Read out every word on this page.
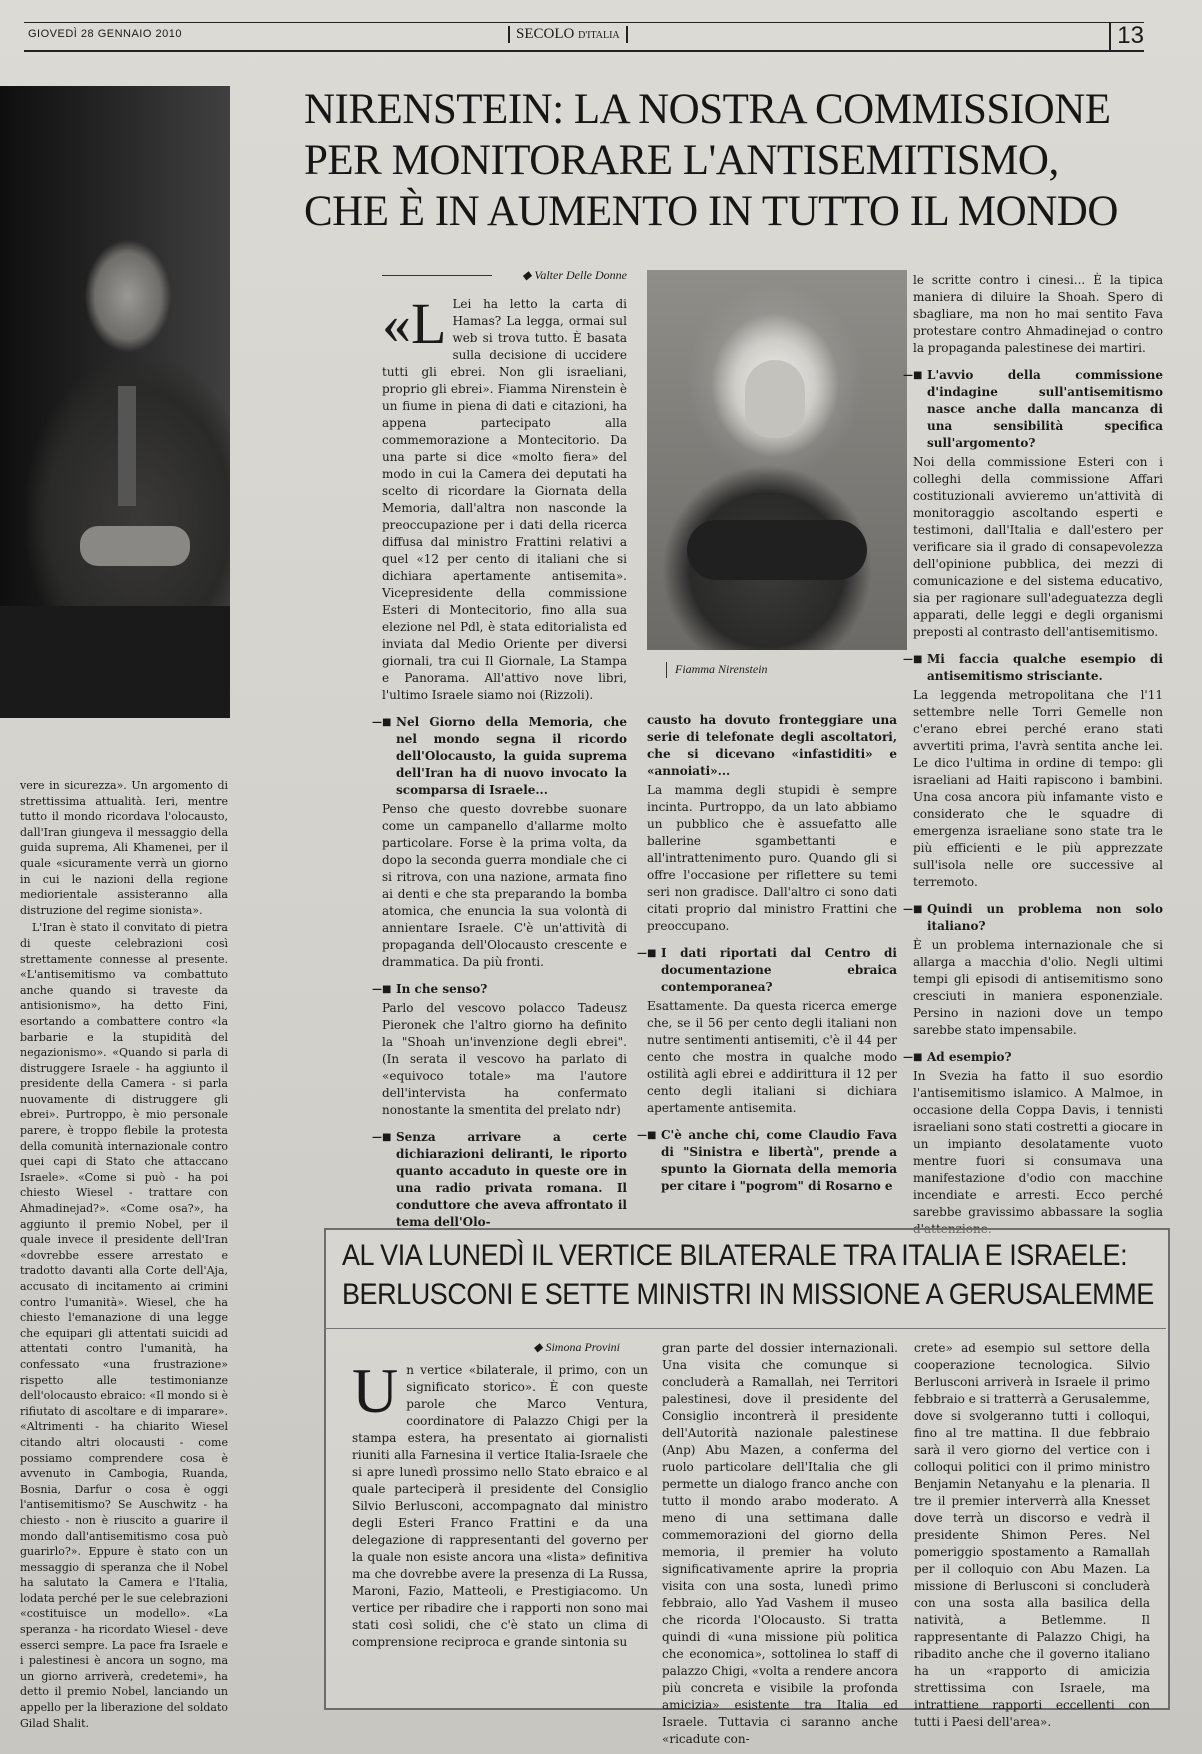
GIOVEDÌ 28 GENNAIO 2010	SECOLO D'ITALIA	13
NIRENSTEIN: LA NOSTRA COMMISSIONE
PER MONITORARE L'ANTISEMITISMO,
CHE È IN AUMENTO IN TUTTO IL MONDO
◆ Valter Delle Donne

«L Lei ha letto la carta di Hamas? La legga, ormai sul web si trova tutto. È basata sulla decisione di uccidere tutti gli ebrei. Non gli israeliani, proprio gli ebrei». Fiamma Nirenstein è un fiume in piena di dati e citazioni, ha appena partecipato alla commemorazione a Montecitorio. Da una parte si dice «molto fiera» del modo in cui la Camera dei deputati ha scelto di ricordare la Giornata della Memoria, dall'altra non nasconde la preoccupazione per i dati della ricerca diffusa dal ministro Frattini relativi a quel «12 per cento di italiani che si dichiara apertamente antisemita». Vicepresidente della commissione Esteri di Montecitorio, fino alla sua elezione nel Pdl, è stata editorialista ed inviata dal Medio Oriente per diversi giornali, tra cui Il Giornale, La Stampa e Panorama. All'attivo nove libri, l'ultimo Israele siamo noi (Rizzoli).

—■ Nel Giorno della Memoria, che nel mondo segna il ricordo dell'Olocausto, la guida suprema dell'Iran ha di nuovo invocato la scomparsa di Israele...

Penso che questo dovrebbe suonare come un campanello d'allarme molto particolare. Forse è la prima volta, da dopo la seconda guerra mondiale che ci si ritrova, con una nazione, armata fino ai denti e che sta preparando la bomba atomica, che enuncia la sua volontà di annientare Israele. C'è un'attività di propaganda dell'Olocausto crescente e drammatica. Da più fronti.

—■ In che senso?

Parlo del vescovo polacco Tadeusz Pieronek che l'altro giorno ha definito la "Shoah un'invenzione degli ebrei". (In serata il vescovo ha parlato di «equivoco totale» ma l'autore dell'intervista ha confermato nonostante la smentita del prelato ndr)

—■ Senza arrivare a certe dichiarazioni deliranti, le riporto quanto accaduto in queste ore in una radio privata romana. Il conduttore che aveva affrontato il tema dell'Olo-

Fiamma Nirenstein

causto ha dovuto fronteggiare una serie di telefonate degli ascoltatori, che si dicevano «infastiditi» e «annoiati»...

La mamma degli stupidi è sempre incinta. Purtroppo, da un lato abbiamo un pubblico che è assuefatto alle ballerine sgambettanti e all'intrattenimento puro. Quando gli si offre l'occasione per riflettere su temi seri non gradisce. Dall'altro ci sono dati citati proprio dal ministro Frattini che preoccupano.

—■ I dati riportati dal Centro di documentazione ebraica contemporanea?

Esattamente. Da questa ricerca emerge che, se il 56 per cento degli italiani non nutre sentimenti antisemiti, c'è il 44 per cento che mostra in qualche modo ostilità agli ebrei e addirittura il 12 per cento degli italiani si dichiara apertamente antisemita.

—■ C'è anche chi, come Claudio Fava di "Sinistra e libertà", prende a spunto la Giornata della memoria per citare i "pogrom" di Rosarno e

le scritte contro i cinesi... È la tipica maniera di diluire la Shoah. Spero di sbagliare, ma non ho mai sentito Fava protestare contro Ahmadinejad o contro la propaganda palestinese dei martiri.

—■ L'avvio della commissione d'indagine sull'antisemitismo nasce anche dalla mancanza di una sensibilità specifica sull'argomento?

Noi della commissione Esteri con i colleghi della commissione Affari costituzionali avvieremo un'attività di monitoraggio ascoltando esperti e testimoni, dall'Italia e dall'estero per verificare sia il grado di consapevolezza dell'opinione pubblica, dei mezzi di comunicazione e del sistema educativo, sia per ragionare sull'adeguatezza degli apparati, delle leggi e degli organismi preposti al contrasto dell'antisemitismo.

—■ Mi faccia qualche esempio di antisemitismo strisciante.

La leggenda metropolitana che l'11 settembre nelle Torri Gemelle non c'erano ebrei perché erano stati avvertiti prima, l'avrà sentita anche lei. Le dico l'ultima in ordine di tempo: gli israeliani ad Haiti rapiscono i bambini. Una cosa ancora più infamante visto e considerato che le squadre di emergenza israeliane sono state tra le più efficienti e le più apprezzate sull'isola nelle ore successive al terremoto.

—■ Quindi un problema non solo italiano?

È un problema internazionale che si allarga a macchia d'olio. Negli ultimi tempi gli episodi di antisemitismo sono cresciuti in maniera esponenziale. Persino in nazioni dove un tempo sarebbe stato impensabile.

—■ Ad esempio?

In Svezia ha fatto il suo esordio l'antisemitismo islamico. A Malmoe, in occasione della Coppa Davis, i tennisti israeliani sono stati costretti a giocare in un impianto desolatamente vuoto mentre fuori si consumava una manifestazione d'odio con macchine incendiate e arresti. Ecco perché sarebbe gravissimo abbassare la soglia d'attenzione.

vere in sicurezza». Un argomento di strettissima attualità. Ieri, mentre tutto il mondo ricordava l'olocausto, dall'Iran giungeva il messaggio della guida suprema, Ali Khamenei, per il quale «sicuramente verrà un giorno in cui le nazioni della regione mediorientale assisteranno alla distruzione del regime sionista».

L'Iran è stato il convitato di pietra di queste celebrazioni così strettamente connesse al presente. «L'antisemitismo va combattuto anche quando si traveste da antisionismo», ha detto Fini, esortando a combattere contro «la barbarie e la stupidità del negazionismo». «Quando si parla di distruggere Israele - ha aggiunto il presidente della Camera - si parla nuovamente di distruggere gli ebrei». Purtroppo, è mio personale parere, è troppo flebile la protesta della comunità internazionale contro quei capi di Stato che attaccano Israele». «Come si può - ha poi chiesto Wiesel - trattare con Ahmadinejad?». «Come osa?», ha aggiunto il premio Nobel, per il quale invece il presidente dell'Iran «dovrebbe essere arrestato e tradotto davanti alla Corte dell'Aja, accusato di incitamento ai crimini contro l'umanità». Wiesel, che ha chiesto l'emanazione di una legge che equipari gli attentati suicidi ad attentati contro l'umanità, ha confessato «una frustrazione» rispetto alle testimonianze dell'olocausto ebraico: «Il mondo si è rifiutato di ascoltare e di imparare». «Altrimenti - ha chiarito Wiesel citando altri olocausti - come possiamo comprendere cosa è avvenuto in Cambogia, Ruanda, Bosnia, Darfur o cosa è oggi l'antisemitismo? Se Auschwitz - ha chiesto - non è riuscito a guarire il mondo dall'antisemitismo cosa può guarirlo?». Eppure è stato con un messaggio di speranza che il Nobel ha salutato la Camera e l'Italia, lodata perché per le sue celebrazioni «costituisce un modello». «La speranza - ha ricordato Wiesel - deve esserci sempre. La pace fra Israele e i palestinesi è ancora un sogno, ma un giorno arriverà, credetemi», ha detto il premio Nobel, lanciando un appello per la liberazione del soldato Gilad Shalit.

AL VIA LUNEDÌ IL VERTICE BILATERALE TRA ITALIA E ISRAELE:
BERLUSCONI E SETTE MINISTRI IN MISSIONE A GERUSALEMME
◆ Simona Provini

Un vertice «bilaterale, il primo, con un significato storico». È con queste parole che Marco Ventura, coordinatore di Palazzo Chigi per la stampa estera, ha presentato ai giornalisti riuniti alla Farnesina il vertice Italia-Israele che si apre lunedì prossimo nello Stato ebraico e al quale parteciperà il presidente del Consiglio Silvio Berlusconi, accompagnato dal ministro degli Esteri Franco Frattini e da una delegazione di rappresentanti del governo per la quale non esiste ancora una «lista» definitiva ma che dovrebbe avere la presenza di La Russa, Maroni, Fazio, Matteoli, e Prestigiacomo. Un vertice per ribadire che i rapporti non sono mai stati così solidi, che c'è stato un clima di comprensione reciproca e grande sintonia su

gran parte del dossier internazionali. Una visita che comunque si concluderà a Ramallah, nei Territori palestinesi, dove il presidente del Consiglio incontrerà il presidente dell'Autorità nazionale palestinese (Anp) Abu Mazen, a conferma del ruolo particolare dell'Italia che gli permette un dialogo franco anche con tutto il mondo arabo moderato. A meno di una settimana dalle commemorazioni del giorno della memoria, il premier ha voluto significativamente aprire la propria visita con una sosta, lunedì primo febbraio, allo Yad Vashem il museo che ricorda l'Olocausto. Si tratta quindi di «una missione più politica che economica», sottolinea lo staff di palazzo Chigi, «volta a rendere ancora più concreta e visibile la profonda amicizia» esistente tra Italia ed Israele. Tuttavia ci saranno anche «ricadute con-

crete» ad esempio sul settore della cooperazione tecnologica. Silvio Berlusconi arriverà in Israele il primo febbraio e si tratterrà a Gerusalemme, dove si svolgeranno tutti i colloqui, fino al tre mattina. Il due febbraio sarà il vero giorno del vertice con i colloqui politici con il primo ministro Benjamin Netanyahu e la plenaria. Il tre il premier interverrà alla Knesset dove terrà un discorso e vedrà il presidente Shimon Peres. Nel pomeriggio spostamento a Ramallah per il colloquio con Abu Mazen. La missione di Berlusconi si concluderà con una sosta alla basilica della natività, a Betlemme. Il rappresentante di Palazzo Chigi, ha ribadito anche che il governo italiano ha un «rapporto di amicizia strettissima con Israele, ma intrattiene rapporti eccellenti con tutti i Paesi dell'area».
